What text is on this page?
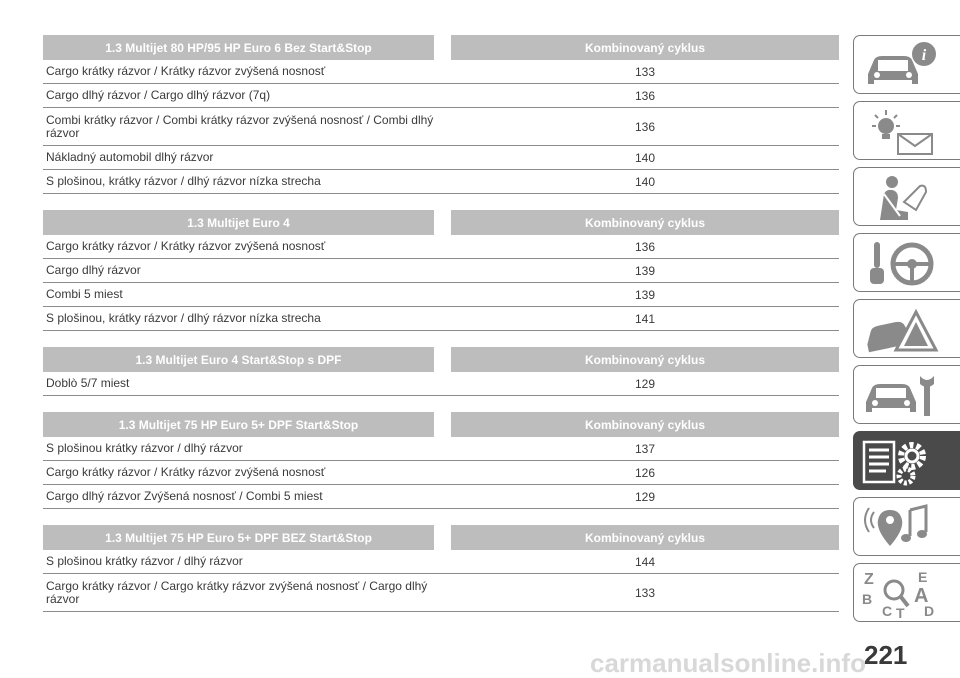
carmanualsonline.info
1.3 Multijet 80 HP/95 HP Euro 6 Bez Start&Stop	Kombinovaný cyklus
Cargo krátky rázvor / Krátky rázvor zvýšená nosnosť	133
Cargo dlhý rázvor / Cargo dlhý rázvor (7q)	136
Combi krátky rázvor / Combi krátky rázvor zvýšená nosnosť / Combi dlhý rázvor	136
Nákladný automobil dlhý rázvor	140
S plošinou, krátky rázvor / dlhý rázvor nízka strecha	140
1.3 Multijet Euro 4	Kombinovaný cyklus
Cargo krátky rázvor / Krátky rázvor zvýšená nosnosť	136
Cargo dlhý rázvor	139
Combi 5 miest	139
S plošinou, krátky rázvor / dlhý rázvor nízka strecha	141
1.3 Multijet Euro 4 Start&Stop s DPF	Kombinovaný cyklus
Doblò 5/7 miest	129
1.3 Multijet 75 HP Euro 5+ DPF Start&Stop	Kombinovaný cyklus
S plošinou krátky rázvor / dlhý rázvor	137
Cargo krátky rázvor / Krátky rázvor zvýšená nosnosť	126
Cargo dlhý rázvor Zvýšená nosnosť / Combi 5 miest	129
1.3 Multijet 75 HP Euro 5+ DPF BEZ Start&Stop	Kombinovaný cyklus
S plošinou krátky rázvor / dlhý rázvor	144
Cargo krátky rázvor / Cargo krátky rázvor zvýšená nosnosť / Cargo dlhý rázvor	133
i
Z	E
A
B
C T D
221
